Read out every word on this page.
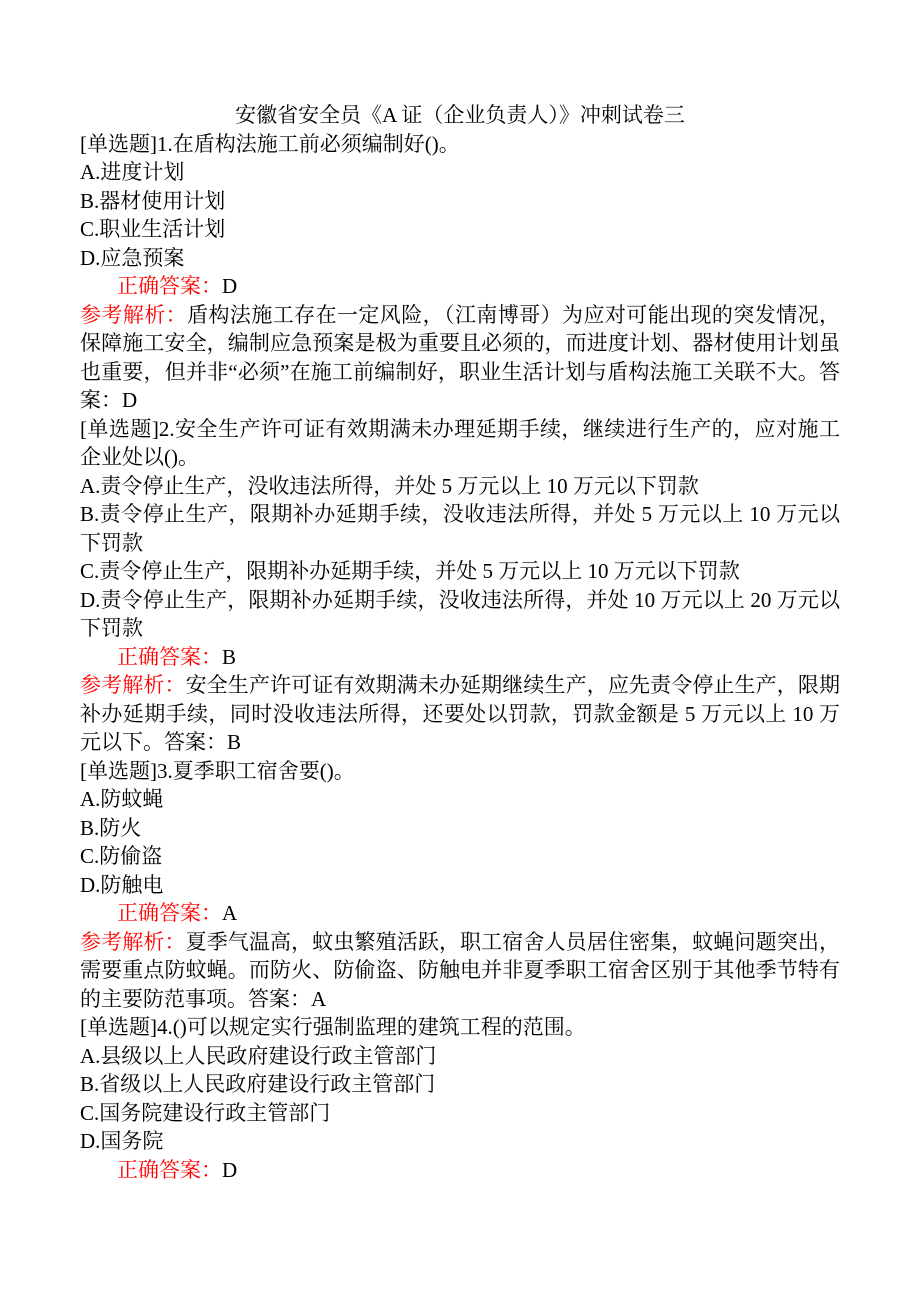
安徽省安全员《A 证（企业负责人）》冲刺试卷三

[单选题]1.在盾构法施工前必须编制好()。

A.进度计划

B.器材使用计划

C.职业生活计划

D.应急预案

正确答案：D

参考解析：盾构法施工存在一定风险，（江南博哥）为应对可能出现的突发情况，保障施工安全，编制应急预案是极为重要且必须的，而进度计划、器材使用计划虽也重要，但并非“必须”在施工前编制好，职业生活计划与盾构法施工关联不大。答案：D

[单选题]2.安全生产许可证有效期满未办理延期手续，继续进行生产的，应对施工企业处以()。

A.责令停止生产，没收违法所得，并处 5 万元以上 10 万元以下罚款

B.责令停止生产，限期补办延期手续，没收违法所得，并处 5 万元以上 10 万元以下罚款

C.责令停止生产，限期补办延期手续，并处 5 万元以上 10 万元以下罚款

D.责令停止生产，限期补办延期手续，没收违法所得，并处 10 万元以上 20 万元以下罚款

正确答案：B

参考解析：安全生产许可证有效期满未办延期继续生产，应先责令停止生产，限期补办延期手续，同时没收违法所得，还要处以罚款，罚款金额是 5 万元以上 10 万元以下。答案：B

[单选题]3.夏季职工宿舍要()。

A.防蚊蝇

B.防火

C.防偷盗

D.防触电

正确答案：A

参考解析：夏季气温高，蚊虫繁殖活跃，职工宿舍人员居住密集，蚊蝇问题突出，需要重点防蚊蝇。而防火、防偷盗、防触电并非夏季职工宿舍区别于其他季节特有的主要防范事项。答案：A

[单选题]4.()可以规定实行强制监理的建筑工程的范围。

A.县级以上人民政府建设行政主管部门

B.省级以上人民政府建设行政主管部门

C.国务院建设行政主管部门

D.国务院

正确答案：D
